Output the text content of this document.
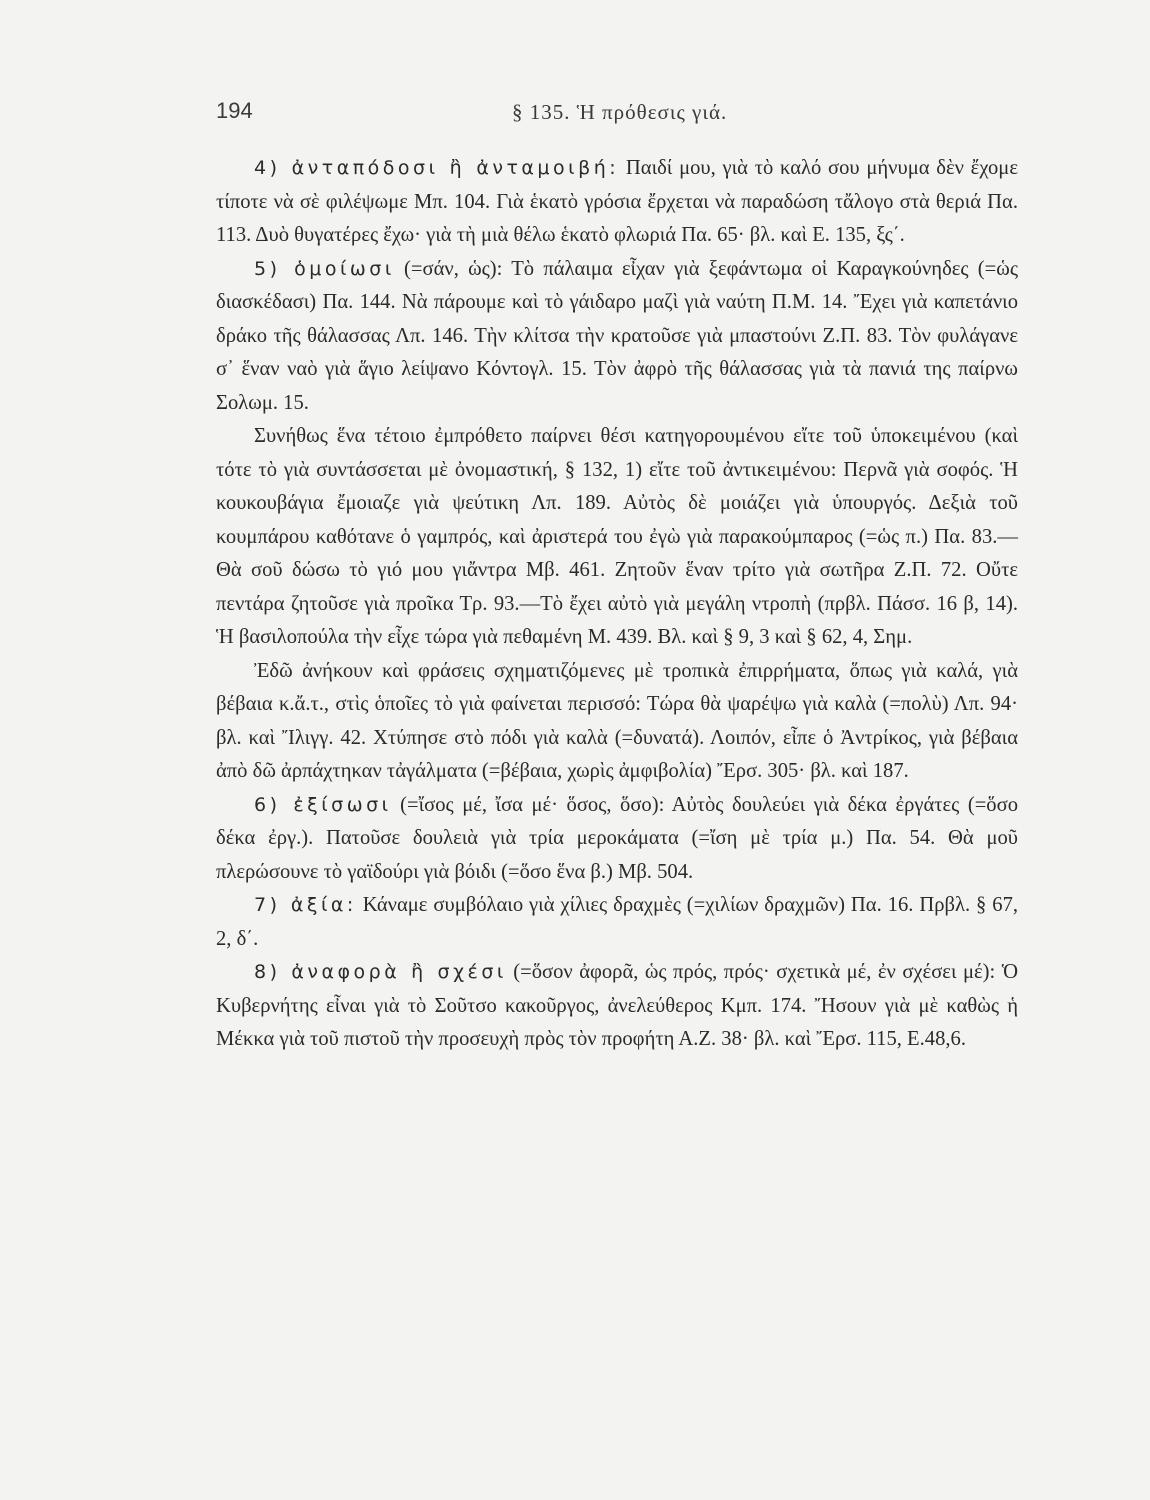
194	§ 135. Ἡ πρόθεσις γιά.

4) ἀνταπόδοσι ἢ ἀνταμοιβή: Παιδί μου, γιὰ τὸ καλό σου μήνυμα δὲν ἔχομε τίποτε νὰ σὲ φιλέψωμε Μπ. 104. Γιὰ ἑκατὸ γρόσια ἔρχεται νὰ παραδώση τἄλογο στὰ θεριά Πα. 113. Δυὸ θυγατέρες ἔχω· γιὰ τὴ μιὰ θέλω ἑκατὸ φλωριά Πα. 65· βλ. καὶ Ε. 135, ξς΄.

5) ὁμοίωσι (=σάν, ὡς): Τὸ πάλαιμα εἶχαν γιὰ ξεφάντωμα οἱ Καραγκούνηδες (=ὡς διασκέδασι) Πα. 144. Νὰ πάρουμε καὶ τὸ γάιδαρο μαζὶ γιὰ ναύτη Π.Μ. 14. Ἔχει γιὰ καπετάνιο δράκο τῆς θάλασσας Λπ. 146. Τὴν κλίτσα τὴν κρατοῦσε γιὰ μπαστούνι Ζ.Π. 83. Τὸν φυλάγανε σ᾽ ἕναν ναὸ γιὰ ἅγιο λείψανο Κόντογλ. 15. Τὸν ἀφρὸ τῆς θάλασσας γιὰ τὰ πανιά της παίρνω Σολωμ. 15.

Συνήθως ἕνα τέτοιο ἐμπρόθετο παίρνει θέσι κατηγορουμένου εἴτε τοῦ ὑποκειμένου (καὶ τότε τὸ γιὰ συντάσσεται μὲ ὀνομαστική, § 132, 1) εἴτε τοῦ ἀντικειμένου: Περνᾶ γιὰ σοφός. Ἡ κουκουβάγια ἔμοιαζε γιὰ ψεύτικη Λπ. 189. Αὐτὸς δὲ μοιάζει γιὰ ὑπουργός. Δεξιὰ τοῦ κουμπάρου καθότανε ὁ γαμπρός, καὶ ἀριστερά του ἐγὼ γιὰ παρακούμπαρος (=ὡς π.) Πα. 83.—Θὰ σοῦ δώσω τὸ γιό μου γιἄντρα Μβ. 461. Ζητοῦν ἕναν τρίτο γιὰ σωτῆρα Ζ.Π. 72. Οὔτε πεντάρα ζητοῦσε γιὰ προῖκα Τρ. 93.—Τὸ ἔχει αὐτὸ γιὰ μεγάλη ντροπὴ (πρβλ. Πάσσ. 16 β, 14). Ἡ βασιλοπούλα τὴν εἶχε τώρα γιὰ πεθαμένη Μ. 439. Βλ. καὶ § 9, 3 καὶ § 62, 4, Σημ.

Ἐδῶ ἀνήκουν καὶ φράσεις σχηματιζόμενες μὲ τροπικὰ ἐπιρρήματα, ὅπως γιὰ καλά, γιὰ βέβαια κ.ἄ.τ., στὶς ὁποῖες τὸ γιὰ φαίνεται περισσό: Τώρα θὰ ψαρέψω γιὰ καλὰ (=πολὺ) Λπ. 94· βλ. καὶ Ἴλιγγ. 42. Χτύπησε στὸ πόδι γιὰ καλὰ (=δυνατά). Λοιπόν, εἶπε ὁ Ἀντρίκος, γιὰ βέβαια ἀπὸ δῶ ἀρπάχτηκαν τἀγάλματα (=βέβαια, χωρὶς ἀμφιβολία) Ἔρσ. 305· βλ. καὶ 187.

6) ἐξίσωσι (=ἴσος μέ, ἴσα μέ· ὅσος, ὅσο): Αὐτὸς δουλεύει γιὰ δέκα ἐργάτες (=ὅσο δέκα ἐργ.). Πατοῦσε δουλειὰ γιὰ τρία μεροκάματα (=ἴση μὲ τρία μ.) Πα. 54. Θὰ μοῦ πλερώσουνε τὸ γαϊδούρι γιὰ βόιδι (=ὅσο ἕνα β.) Μβ. 504.

7) ἀξία: Κάναμε συμβόλαιο γιὰ χίλιες δραχμὲς (=χιλίων δραχμῶν) Πα. 16. Πρβλ. § 67, 2, δ΄.

8) ἀναφορὰ ἢ σχέσι (=ὅσον ἀφορᾶ, ὡς πρός, πρός· σχετικὰ μέ, ἐν σχέσει μέ): Ὁ Κυβερνήτης εἶναι γιὰ τὸ Σοῦτσο κακοῦργος, ἀνελεύθερος Κμπ. 174. Ἤσουν γιὰ μὲ καθὼς ἡ Μέκκα γιὰ τοῦ πιστοῦ τὴν προσευχὴ πρὸς τὸν προφήτη Α.Ζ. 38· βλ. καὶ Ἔρσ. 115, Ε.48,6.
